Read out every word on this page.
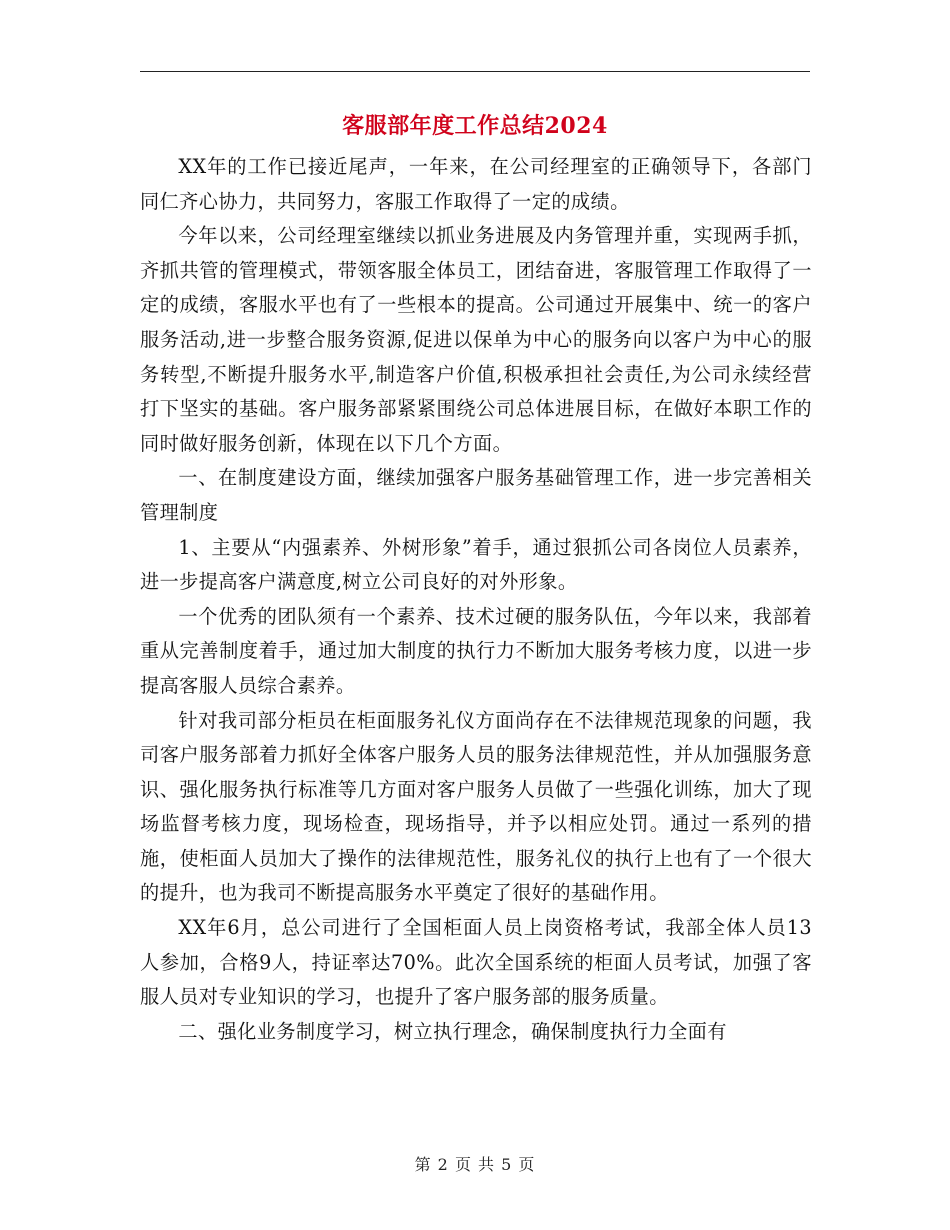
客服部年度工作总结2024

XX年的工作已接近尾声，一年来，在公司经理室的正确领导下，各部门同仁齐心协力，共同努力，客服工作取得了一定的成绩。

今年以来，公司经理室继续以抓业务进展及内务管理并重，实现两手抓，齐抓共管的管理模式，带领客服全体员工，团结奋进，客服管理工作取得了一定的成绩，客服水平也有了一些根本的提高。公司通过开展集中、统一的客户服务活动,进一步整合服务资源,促进以保单为中心的服务向以客户为中心的服务转型,不断提升服务水平,制造客户价值,积极承担社会责任,为公司永续经营打下坚实的基础。客户服务部紧紧围绕公司总体进展目标，在做好本职工作的同时做好服务创新，体现在以下几个方面。

一、在制度建设方面，继续加强客户服务基础管理工作，进一步完善相关管理制度

1、主要从“内强素养、外树形象”着手，通过狠抓公司各岗位人员素养，进一步提高客户满意度,树立公司良好的对外形象。

一个优秀的团队须有一个素养、技术过硬的服务队伍，今年以来，我部着重从完善制度着手，通过加大制度的执行力不断加大服务考核力度，以进一步提高客服人员综合素养。

针对我司部分柜员在柜面服务礼仪方面尚存在不法律规范现象的问题，我司客户服务部着力抓好全体客户服务人员的服务法律规范性，并从加强服务意识、强化服务执行标准等几方面对客户服务人员做了一些强化训练，加大了现场监督考核力度，现场检查，现场指导，并予以相应处罚。通过一系列的措施，使柜面人员加大了操作的法律规范性，服务礼仪的执行上也有了一个很大的提升，也为我司不断提高服务水平奠定了很好的基础作用。

XX年6月，总公司进行了全国柜面人员上岗资格考试，我部全体人员13人参加，合格9人，持证率达70%。此次全国系统的柜面人员考试，加强了客服人员对专业知识的学习，也提升了客户服务部的服务质量。

二、强化业务制度学习，树立执行理念，确保制度执行力全面有

第 2 页 共 5 页
